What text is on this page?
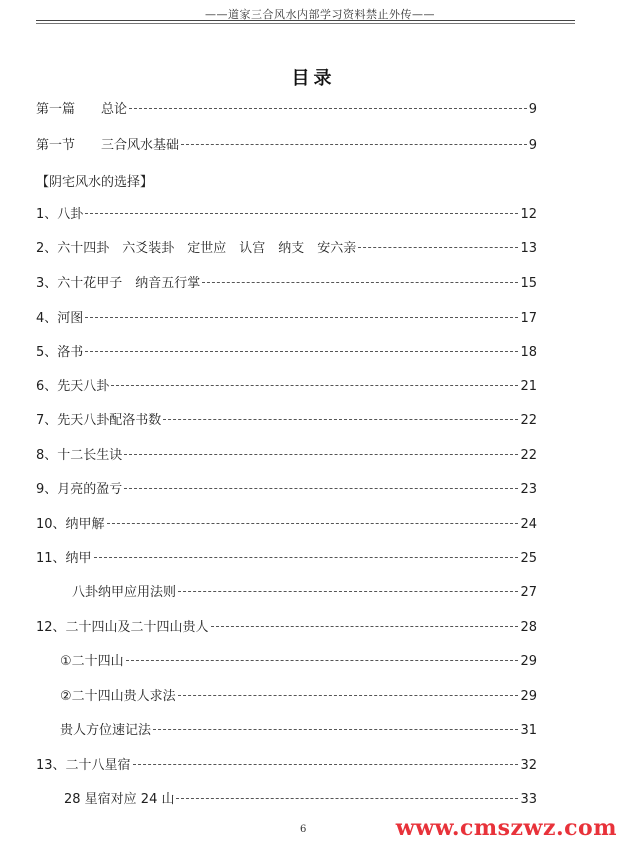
——道家三合风水内部学习资料禁止外传——
目录
第一篇　　总论	9
第一节　　三合风水基础	9
【阴宅风水的选择】
1、八卦	12
2、六十四卦　六爻装卦　定世应　认宫　纳支　安六亲	13
3、六十花甲子　纳音五行掌	15
4、河图	17
5、洛书	18
6、先天八卦	21
7、先天八卦配洛书数	22
8、十二长生诀	22
9、月亮的盈亏	23
10、纳甲解	24
11、纳甲	25
八卦纳甲应用法则	27
12、二十四山及二十四山贵人	28
①二十四山	29
②二十四山贵人求法	29
贵人方位速记法	31
13、二十八星宿	32
28 星宿对应 24 山	33
6	www.cmszwz.com
